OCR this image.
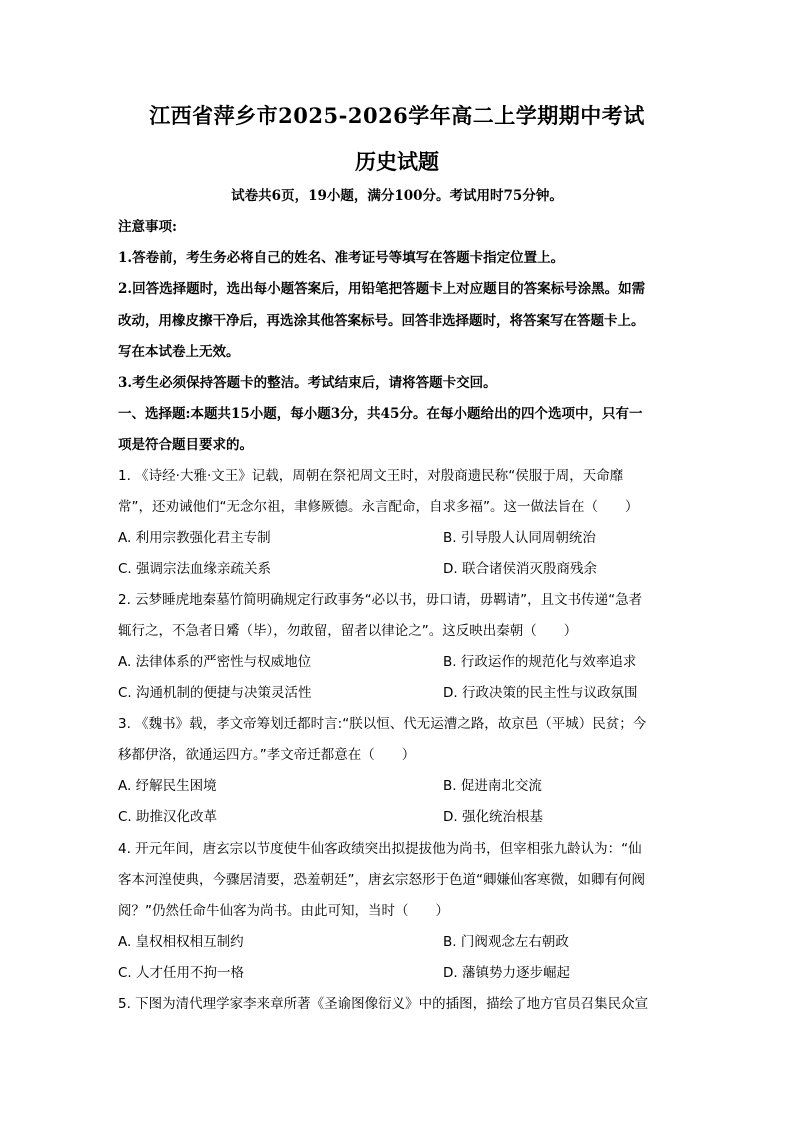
江西省萍乡市2025-2026学年高二上学期期中考试
历史试题
试卷共6页，19小题，满分100分。考试用时75分钟。
注意事项:
1.答卷前，考生务必将自己的姓名、准考证号等填写在答题卡指定位置上。
2.回答选择题时，选出每小题答案后，用铅笔把答题卡上对应题目的答案标号涂黑。如需
改动，用橡皮擦干净后，再选涂其他答案标号。回答非选择题时，将答案写在答题卡上。
写在本试卷上无效。
3.考生必须保持答题卡的整洁。考试结束后，请将答题卡交回。
一、选择题:本题共15小题，每小题3分，共45分。在每小题给出的四个选项中，只有一
项是符合题目要求的。
1. 《诗经·大雅·文王》记载，周朝在祭祀周文王时，对殷商遗民称“侯服于周，天命靡
常”，还劝诫他们“无念尔祖，聿修厥德。永言配命，自求多福”。这一做法旨在（　　）
A. 利用宗教强化君主专制	B. 引导殷人认同周朝统治
C. 强调宗法血缘亲疏关系	D. 联合诸侯消灭殷商残余
2. 云梦睡虎地秦墓竹简明确规定行政事务“必以书，毋口请，毋羁请”，且文书传递“急者
辄行之，不急者日觱（毕），勿敢留，留者以律论之”。这反映出秦朝（　　）
A. 法律体系的严密性与权威地位	B. 行政运作的规范化与效率追求
C. 沟通机制的便捷与决策灵活性	D. 行政决策的民主性与议政氛围
3. 《魏书》载，孝文帝筹划迁都时言:“朕以恒、代无运漕之路，故京邑（平城）民贫；今
移都伊洛，欲通运四方。”孝文帝迁都意在（　　）
A. 纾解民生困境	B. 促进南北交流
C. 助推汉化改革	D. 强化统治根基
4. 开元年间，唐玄宗以节度使牛仙客政绩突出拟提拔他为尚书，但宰相张九龄认为：“仙
客本河湟使典，今骤居清要，恐羞朝廷”，唐玄宗怒形于色道“卿嫌仙客寒微，如卿有何阀
阅？”仍然任命牛仙客为尚书。由此可知，当时（　　）
A. 皇权相权相互制约	B. 门阀观念左右朝政
C. 人才任用不拘一格	D. 藩镇势力逐步崛起
5. 下图为清代理学家李来章所著《圣谕图像衍义》中的插图，描绘了地方官员召集民众宣
